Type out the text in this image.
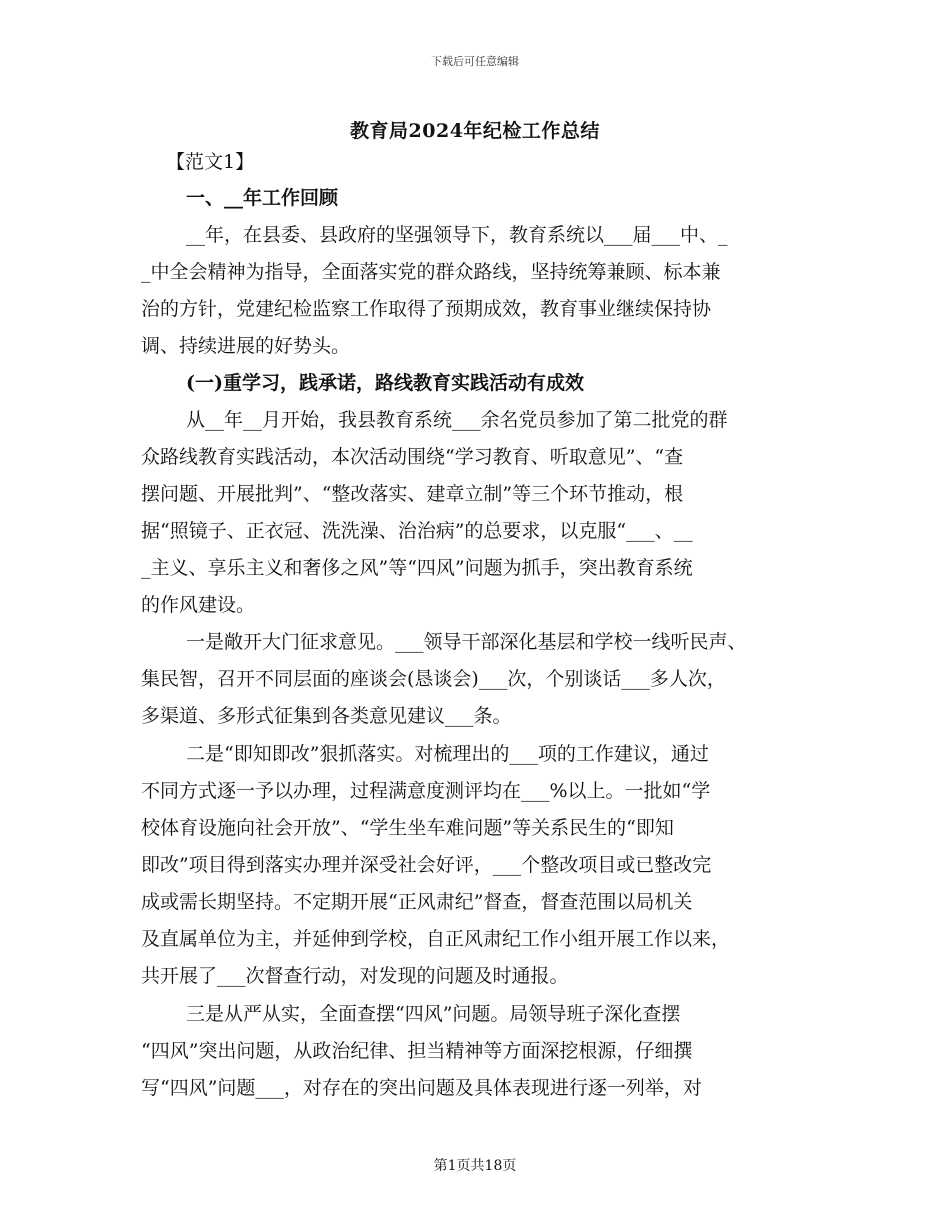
下载后可任意编辑
教育局2024年纪检工作总结
【范文1】
一、__年工作回顾
__年，在县委、县政府的坚强领导下，教育系统以___届___中、_
_中全会精神为指导，全面落实党的群众路线，坚持统筹兼顾、标本兼
治的方针，党建纪检监察工作取得了预期成效，教育事业继续保持协
调、持续进展的好势头。
(一)重学习，践承诺，路线教育实践活动有成效
从__年__月开始，我县教育系统___余名党员参加了第二批党的群
众路线教育实践活动，本次活动围绕“学习教育、听取意见”、“查
摆问题、开展批判”、“整改落实、建章立制”等三个环节推动，根
据“照镜子、正衣冠、洗洗澡、治治病”的总要求，以克服“___、__
_主义、享乐主义和奢侈之风”等“四风”问题为抓手，突出教育系统
的作风建设。
一是敞开大门征求意见。___领导干部深化基层和学校一线听民声、
集民智，召开不同层面的座谈会(恳谈会)___次，个别谈话___多人次，
多渠道、多形式征集到各类意见建议___条。
二是“即知即改”狠抓落实。对梳理出的___项的工作建议，通过
不同方式逐一予以办理，过程满意度测评均在___%以上。一批如“学
校体育设施向社会开放”、“学生坐车难问题”等关系民生的“即知
即改”项目得到落实办理并深受社会好评，___个整改项目或已整改完
成或需长期坚持。不定期开展“正风肃纪”督查，督查范围以局机关
及直属单位为主，并延伸到学校，自正风肃纪工作小组开展工作以来，
共开展了___次督查行动，对发现的问题及时通报。
三是从严从实，全面查摆“四风”问题。局领导班子深化查摆
“四风”突出问题，从政治纪律、担当精神等方面深挖根源，仔细撰
写“四风”问题___，对存在的突出问题及具体表现进行逐一列举，对
第1页共18页
